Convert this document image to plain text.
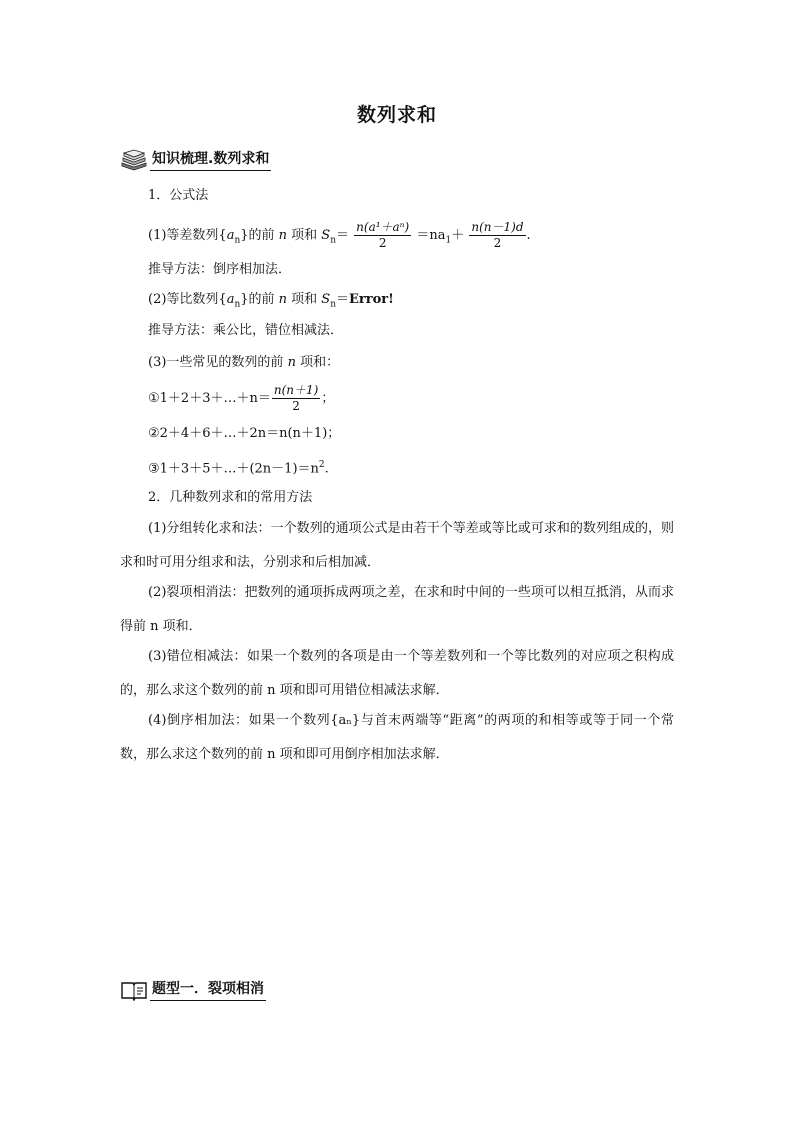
数列求和
知识梳理.数列求和
1．公式法
(1)等差数列$\{a_n\}$的前 n 项和 $S_n= \frac{\text{n(a¹＋aⁿ)}}{2} =na_1+ \frac{n(n-1)d}{2}$ .
推导方法：倒序相加法．
(2)等比数列$\{a_n\}$的前 n 项和 $S_n=Error$!
推导方法：乘公比，错位相减法．
(3)一些常见的数列的前 n 项和：
①1＋2＋3＋…＋n＝ $\frac{n(n+1)}{2}$ ；
②2＋4＋6＋…＋2n＝n(n＋1)；
$③1+3+5+\dots+(2n-1)=n^2$.
2．几种数列求和的常用方法
(1)分组转化求和法：一个数列的通项公式是由若干个等差或等比或可求和的数列组成的，则求和时可用分组求和法，分别求和后相加减．
(2)裂项相消法：把数列的通项拆成两项之差，在求和时中间的一些项可以相互抵消，从而求得前 n 项和．
(3)错位相减法：如果一个数列的各项是由一个等差数列和一个等比数列的对应项之积构成的，那么求这个数列的前 n 项和即可用错位相减法求解．
(4)倒序相加法：如果一个数列{aₙ}与首末两端等“距离”的两项的和相等或等于同一个常数，那么求这个数列的前 n 项和即可用倒序相加法求解．
题型一．裂项相消
